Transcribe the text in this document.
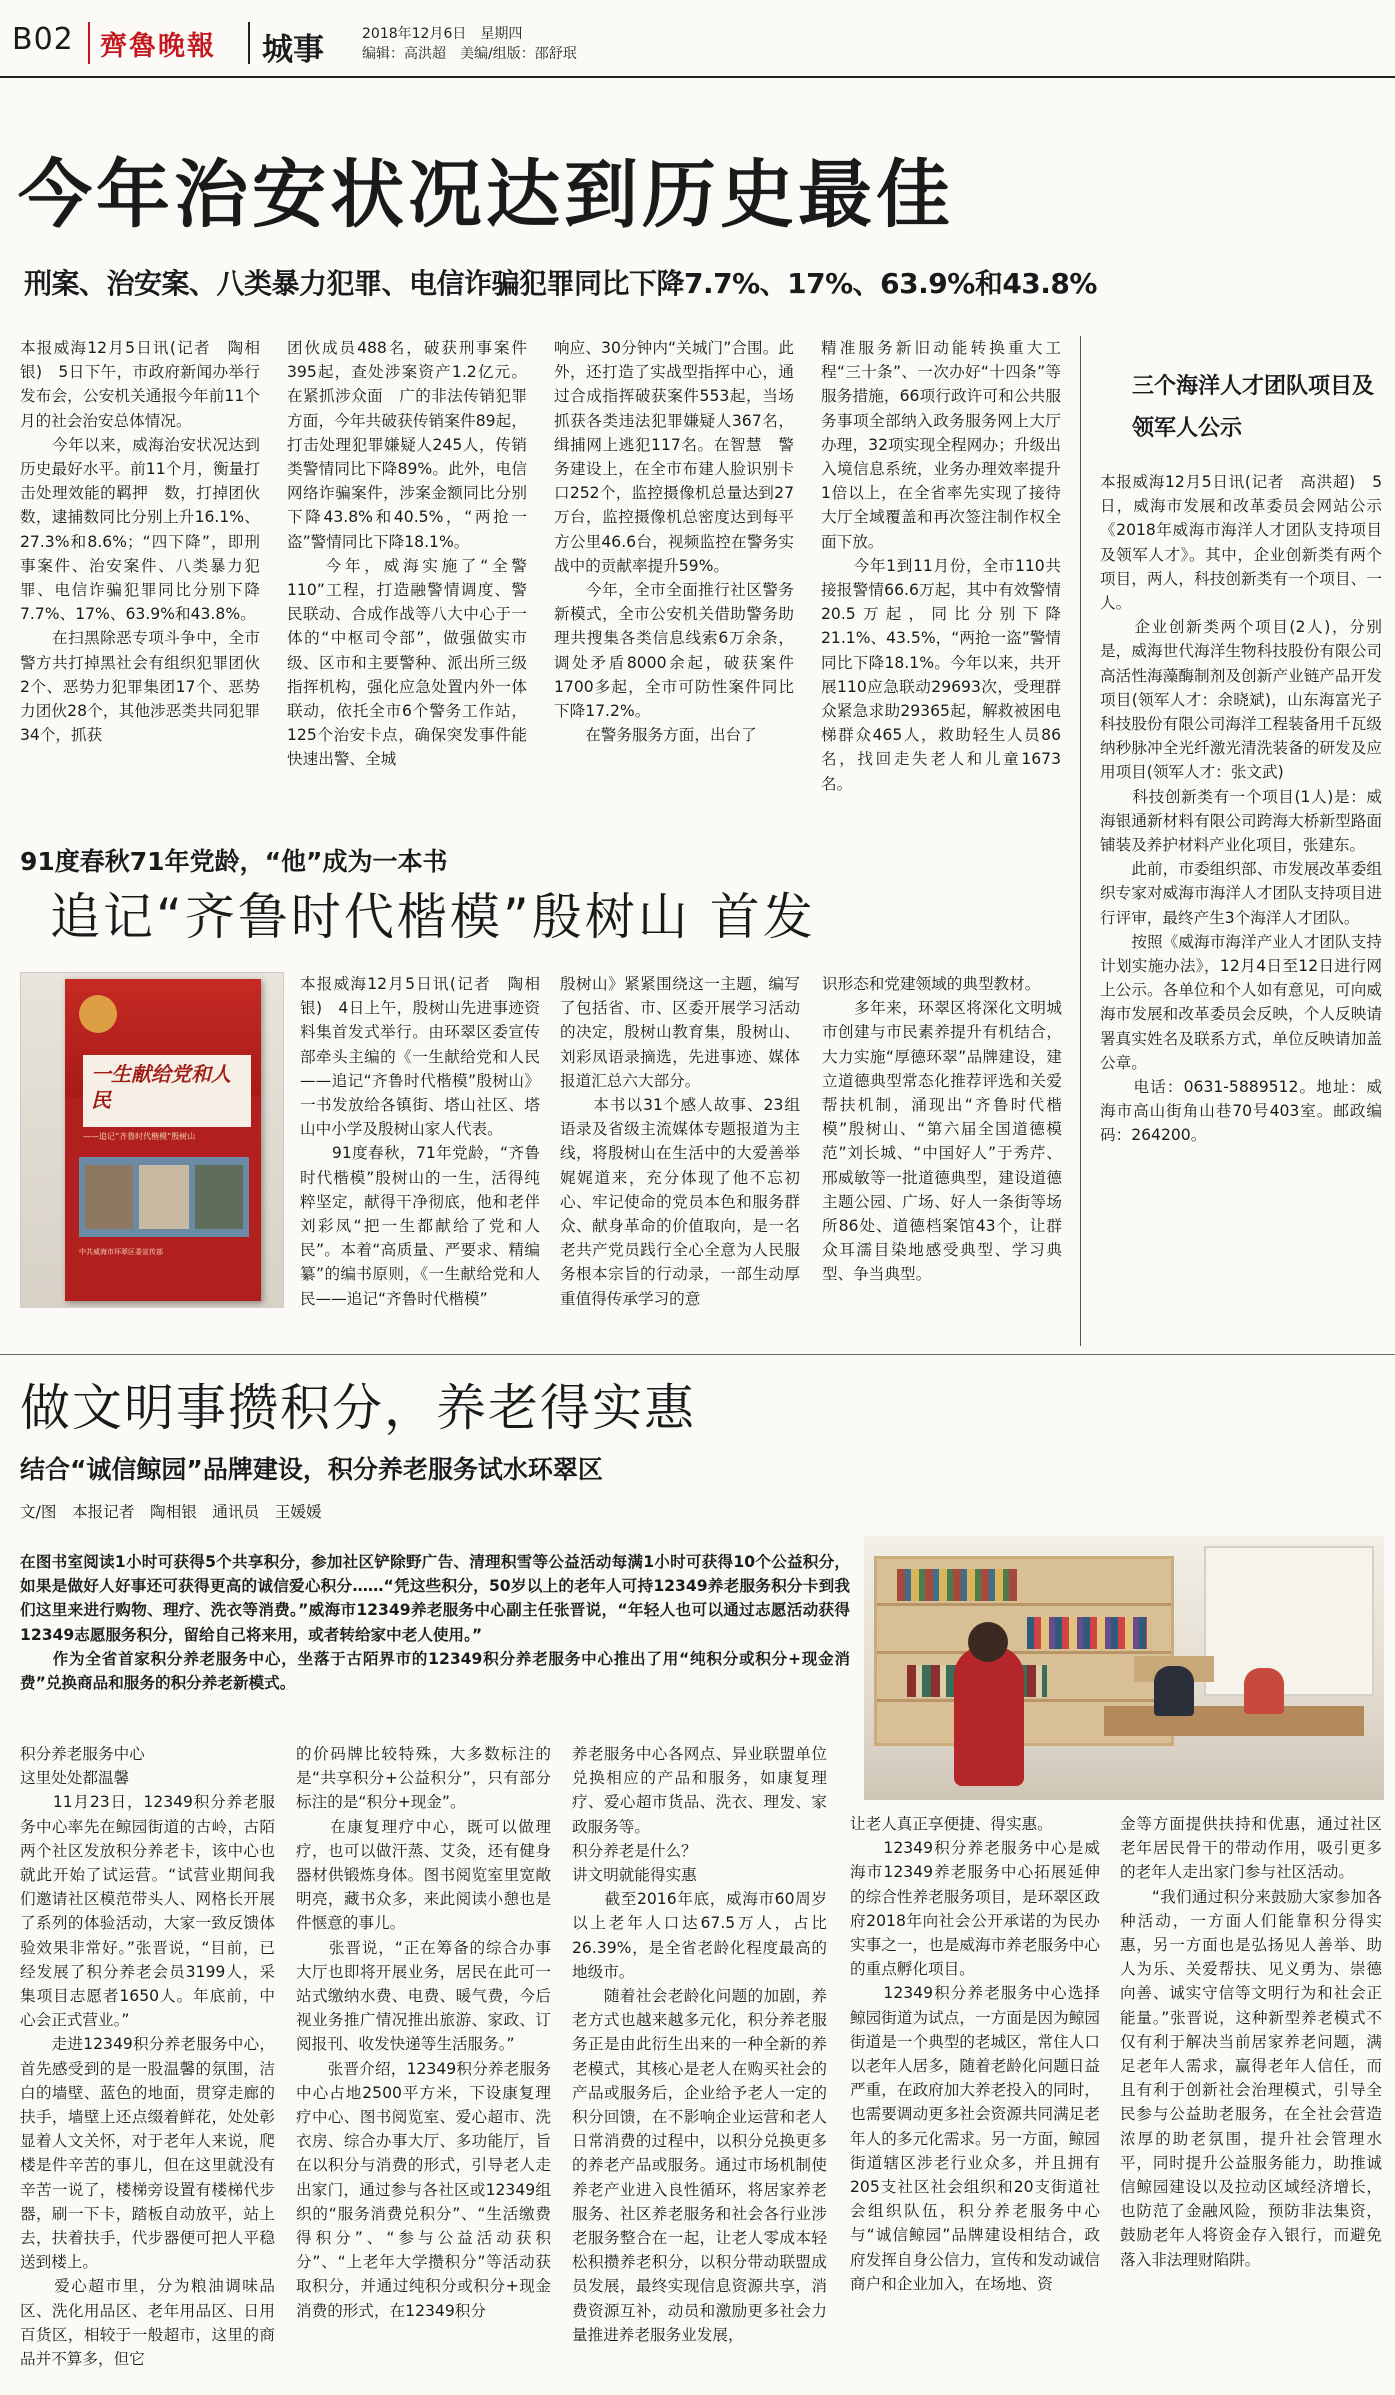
B02 齊魯晚報 城事	2018年12月6日　星期四
编辑：高洪超　美编/组版：邵舒珉
今年治安状况达到历史最佳
刑案、治安案、八类暴力犯罪、电信诈骗犯罪同比下降7.7%、17%、63.9%和43.8%
本报威海12月5日讯(记者　陶相银)　5日下午，市政府新闻办举行发布会，公安机关通报今年前11个月的社会治安总体情况。
　　今年以来，威海治安状况达到历史最好水平。前11个月，衡量打击处理效能的羁押　数，打掉团伙数，逮捕数同比分别上升16.1%、27.3%和8.6%；“四下降”，即刑事案件、治安案件、八类暴力犯罪、电信诈骗犯罪同比分别下降7.7%、17%、63.9%和43.8%。
　　在扫黑除恶专项斗争中，全市警方共打掉黑社会有组织犯罪团伙2个、恶势力犯罪集团17个、恶势力团伙28个，其他涉恶类共同犯罪34个，抓获
团伙成员488名，破获刑事案件395起，查处涉案资产1.2亿元。在紧抓涉众面　广的非法传销犯罪方面，今年共破获传销案件89起，打击处理犯罪嫌疑人245人，传销类警情同比下降89%。此外，电信网络诈骗案件，涉案金额同比分别下降43.8%和40.5%，“两抢一盗”警情同比下降18.1%。
　　今年，威海实施了“全警110”工程，打造融警情调度、警民联动、合成作战等八大中心于一体的“中枢司令部”，做强做实市级、区市和主要警种、派出所三级指挥机构，强化应急处置内外一体联动，依托全市6个警务工作站，125个治安卡点，确保突发事件能快速出警、全城
响应、30分钟内“关城门”合围。此外，还打造了实战型指挥中心，通过合成指挥破获案件553起，当场抓获各类违法犯罪嫌疑人367名，缉捕网上逃犯117名。在智慧　警务建设上，在全市布建人脸识别卡口252个，监控摄像机总量达到27万台，监控摄像机总密度达到每平方公里46.6台，视频监控在警务实战中的贡献率提升59%。
　　今年，全市全面推行社区警务新模式，全市公安机关借助警务助理共搜集各类信息线索6万余条，调处矛盾8000余起，破获案件1700多起，全市可防性案件同比下降17.2%。
　　在警务服务方面，出台了
精准服务新旧动能转换重大工程“三十条”、一次办好“十四条”等服务措施，66项行政许可和公共服务事项全部纳入政务服务网上大厅办理，32项实现全程网办；升级出入境信息系统，业务办理效率提升1倍以上，在全省率先实现了接待大厅全域覆盖和再次签注制作权全面下放。
　　今年1到11月份，全市110共接报警情66.6万起，其中有效警情20.5万起，同比分别下降21.1%、43.5%，“两抢一盗”警情同比下降18.1%。今年以来，共开展110应急联动29693次，受理群众紧急求助29365起，解救被困电梯群众465人，救助轻生人员86名，找回走失老人和儿童1673名。
三个海洋人才团队项目及领军人公示
本报威海12月5日讯(记者　高洪超)　5日，威海市发展和改革委员会网站公示《2018年威海市海洋人才团队支持项目及领军人才》。其中，企业创新类有两个项目，两人，科技创新类有一个项目、一人。
　　企业创新类两个项目(2人)，分别是，威海世代海洋生物科技股份有限公司高活性海藻酶制剂及创新产业链产品开发项目(领军人才：余晓斌)，山东海富光子科技股份有限公司海洋工程装备用千瓦级纳秒脉冲全光纤激光清洗装备的研发及应用项目(领军人才：张文武)
　　科技创新类有一个项目(1人)是：威海银通新材料有限公司跨海大桥新型路面铺装及养护材料产业化项目，张建东。
　　此前，市委组织部、市发展改革委组织专家对威海市海洋人才团队支持项目进行评审，最终产生3个海洋人才团队。
　　按照《威海市海洋产业人才团队支持计划实施办法》，12月4日至12日进行网上公示。各单位和个人如有意见，可向威海市发展和改革委员会反映，个人反映请署真实姓名及联系方式，单位反映请加盖公章。
　　电话：0631-5889512。地址：威海市高山街角山巷70号403室。邮政编码：264200。
91度春秋71年党龄，“他”成为一本书
追记“齐鲁时代楷模”殷树山 首发
一生献给党和人民
——追记“齐鲁时代楷模”殷树山
中共威海市环翠区委宣传部
本报威海12月5日讯(记者　陶相银)　4日上午，殷树山先进事迹资料集首发式举行。由环翠区委宣传部牵头主编的《一生献给党和人民——追记“齐鲁时代楷模”殷树山》一书发放给各镇街、塔山社区、塔山中小学及殷树山家人代表。
　　91度春秋，71年党龄，“齐鲁时代楷模”殷树山的一生，活得纯粹坚定，献得干净彻底，他和老伴刘彩凤“把一生都献给了党和人民”。本着“高质量、严要求、精编纂”的编书原则，《一生献给党和人民——追记“齐鲁时代楷模”
殷树山》紧紧围绕这一主题，编写了包括省、市、区委开展学习活动的决定，殷树山教育集，殷树山、刘彩凤语录摘选，先进事迹、媒体报道汇总六大部分。
　　本书以31个感人故事、23组语录及省级主流媒体专题报道为主线，将殷树山在生活中的大爱善举娓娓道来，充分体现了他不忘初心、牢记使命的党员本色和服务群众、献身革命的价值取向，是一名老共产党员践行全心全意为人民服务根本宗旨的行动录，一部生动厚重值得传承学习的意
识形态和党建领域的典型教材。
　　多年来，环翠区将深化文明城市创建与市民素养提升有机结合，大力实施“厚德环翠”品牌建设，建立道德典型常态化推荐评选和关爱帮扶机制，涌现出“齐鲁时代楷模”殷树山、“第六届全国道德模范”刘长城、“中国好人”于秀芹、邢威敏等一批道德典型，建设道德主题公园、广场、好人一条街等场所86处、道德档案馆43个，让群众耳濡目染地感受典型、学习典型、争当典型。
做文明事攒积分，养老得实惠
结合“诚信鲸园”品牌建设，积分养老服务试水环翠区
文/图　本报记者　陶相银　通讯员　王媛媛
在图书室阅读1小时可获得5个共享积分，参加社区铲除野广告、清理积雪等公益活动每满1小时可获得10个公益积分，如果是做好人好事还可获得更高的诚信爱心积分……“凭这些积分，50岁以上的老年人可持12349养老服务积分卡到我们这里来进行购物、理疗、洗衣等消费。”威海市12349养老服务中心副主任张晋说，“年轻人也可以通过志愿活动获得12349志愿服务积分，留给自己将来用，或者转给家中老人使用。”
　　作为全省首家积分养老服务中心，坐落于古陌界市的12349积分养老服务中心推出了用“纯积分或积分+现金消费”兑换商品和服务的积分养老新模式。
积分养老服务中心
这里处处都温馨
　　11月23日，12349积分养老服务中心率先在鲸园街道的古岭，古陌两个社区发放积分养老卡，该中心也就此开始了试运营。“试营业期间我们邀请社区模范带头人、网格长开展了系列的体验活动，大家一致反馈体验效果非常好。”张晋说，“目前，已经发展了积分养老会员3199人，采集项目志愿者1650人。年底前，中心会正式营业。”
　　走进12349积分养老服务中心，首先感受到的是一股温馨的氛围，洁白的墙壁、蓝色的地面，贯穿走廊的扶手，墙壁上还点缀着鲜花，处处彰显着人文关怀，对于老年人来说，爬楼是件辛苦的事儿，但在这里就没有辛苦一说了，楼梯旁设置有楼梯代步器，刷一下卡，踏板自动放平，站上去，扶着扶手，代步器便可把人平稳送到楼上。
　　爱心超市里，分为粮油调味品区、洗化用品区、老年用品区、日用百货区，相较于一般超市，这里的商品并不算多，但它
的价码牌比较特殊，大多数标注的是“共享积分+公益积分”，只有部分标注的是“积分+现金”。
　　在康复理疗中心，既可以做理疗，也可以做汗蒸、艾灸，还有健身器材供锻炼身体。图书阅览室里宽敞明亮，藏书众多，来此阅读小憩也是件惬意的事儿。
　　张晋说，“正在筹备的综合办事大厅也即将开展业务，居民在此可一站式缴纳水费、电费、暖气费，今后视业务推广情况推出旅游、家政、订阅报刊、收发快递等生活服务。”
　　张晋介绍，12349积分养老服务中心占地2500平方米，下设康复理疗中心、图书阅览室、爱心超市、洗衣房、综合办事大厅、多功能厅，旨在以积分与消费的形式，引导老人走出家门，通过参与各社区或12349组织的“服务消费兑积分”、“生活缴费得积分”、“参与公益活动获积分”、“上老年大学攒积分”等活动获取积分，并通过纯积分或积分+现金消费的形式，在12349积分
养老服务中心各网点、异业联盟单位兑换相应的产品和服务，如康复理疗、爱心超市货品、洗衣、理发、家政服务等。
积分养老是什么？
讲文明就能得实惠
　　截至2016年底，威海市60周岁以上老年人口达67.5万人，占比26.39%，是全省老龄化程度最高的地级市。
　　随着社会老龄化问题的加剧，养老方式也越来越多元化，积分养老服务正是由此衍生出来的一种全新的养老模式，其核心是老人在购买社会的产品或服务后，企业给予老人一定的积分回馈，在不影响企业运营和老人日常消费的过程中，以积分兑换更多的养老产品或服务。通过市场机制使养老产业进入良性循环，将居家养老服务、社区养老服务和社会各行业涉老服务整合在一起，让老人零成本轻松积攒养老积分，以积分带动联盟成员发展，最终实现信息资源共享，消费资源互补，动员和激励更多社会力量推进养老服务业发展，
让老人真正享便捷、得实惠。
　　12349积分养老服务中心是威海市12349养老服务中心拓展延伸的综合性养老服务项目，是环翠区政府2018年向社会公开承诺的为民办实事之一，也是威海市养老服务中心的重点孵化项目。
　　12349积分养老服务中心选择鲸园街道为试点，一方面是因为鲸园街道是一个典型的老城区，常住人口以老年人居多，随着老龄化问题日益严重，在政府加大养老投入的同时，也需要调动更多社会资源共同满足老年人的多元化需求。另一方面，鲸园街道辖区涉老行业众多，并且拥有205支社区社会组织和20支街道社会组织队伍，积分养老服务中心与“诚信鲸园”品牌建设相结合，政府发挥自身公信力，宣传和发动诚信商户和企业加入，在场地、资
金等方面提供扶持和优惠，通过社区老年居民骨干的带动作用，吸引更多的老年人走出家门参与社区活动。
　　“我们通过积分来鼓励大家参加各种活动，一方面人们能靠积分得实惠，另一方面也是弘扬见人善举、助人为乐、关爱帮扶、见义勇为、崇德向善、诚实守信等文明行为和社会正能量。”张晋说，这种新型养老模式不仅有利于解决当前居家养老问题，满足老年人需求，赢得老年人信任，而且有利于创新社会治理模式，引导全民参与公益助老服务，在全社会营造浓厚的助老氛围，提升社会管理水平，同时提升公益服务能力，助推诚信鲸园建设以及拉动区域经济增长，也防范了金融风险，预防非法集资，鼓励老年人将资金存入银行，而避免落入非法理财陷阱。
